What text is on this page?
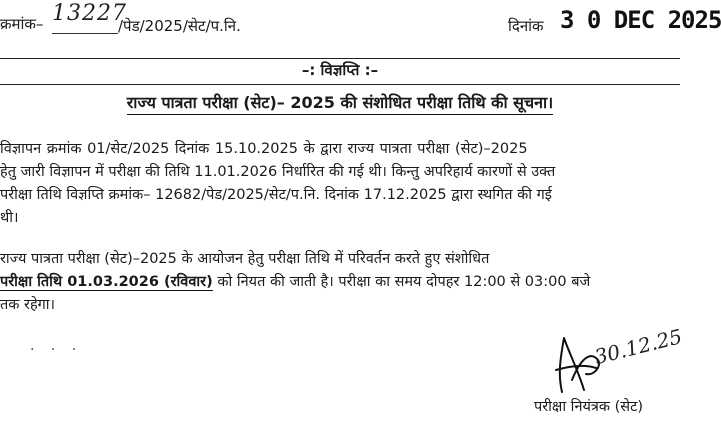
क्रमांक– 13227
/पेड/2025/सेट/प.नि.	दिनांक 3 0 DEC 2025
–: विज्ञप्ति :–
राज्य पात्रता परीक्षा (सेट)– 2025 की संशोधित परीक्षा तिथि की सूचना।
विज्ञापन क्रमांक 01/सेट/2025 दिनांक 15.10.2025 के द्वारा राज्य पात्रता परीक्षा (सेट)–2025
हेतु जारी विज्ञापन में परीक्षा की तिथि 11.01.2026 निर्धारित की गई थी। किन्तु अपरिहार्य कारणों से उक्त
परीक्षा तिथि विज्ञप्ति क्रमांक– 12682/पेड/2025/सेट/प.नि. दिनांक 17.12.2025 द्वारा स्थगित की गई
थी।
राज्य पात्रता परीक्षा (सेट)–2025 के आयोजन हेतु परीक्षा तिथि में परिवर्तन करते हुए संशोधित
परीक्षा तिथि 01.03.2026 (रविवार) को नियत की जाती है। परीक्षा का समय दोपहर 12:00 से 03:00 बजे
तक रहेगा।
. . .	30.12.25
परीक्षा नियंत्रक (सेट)
